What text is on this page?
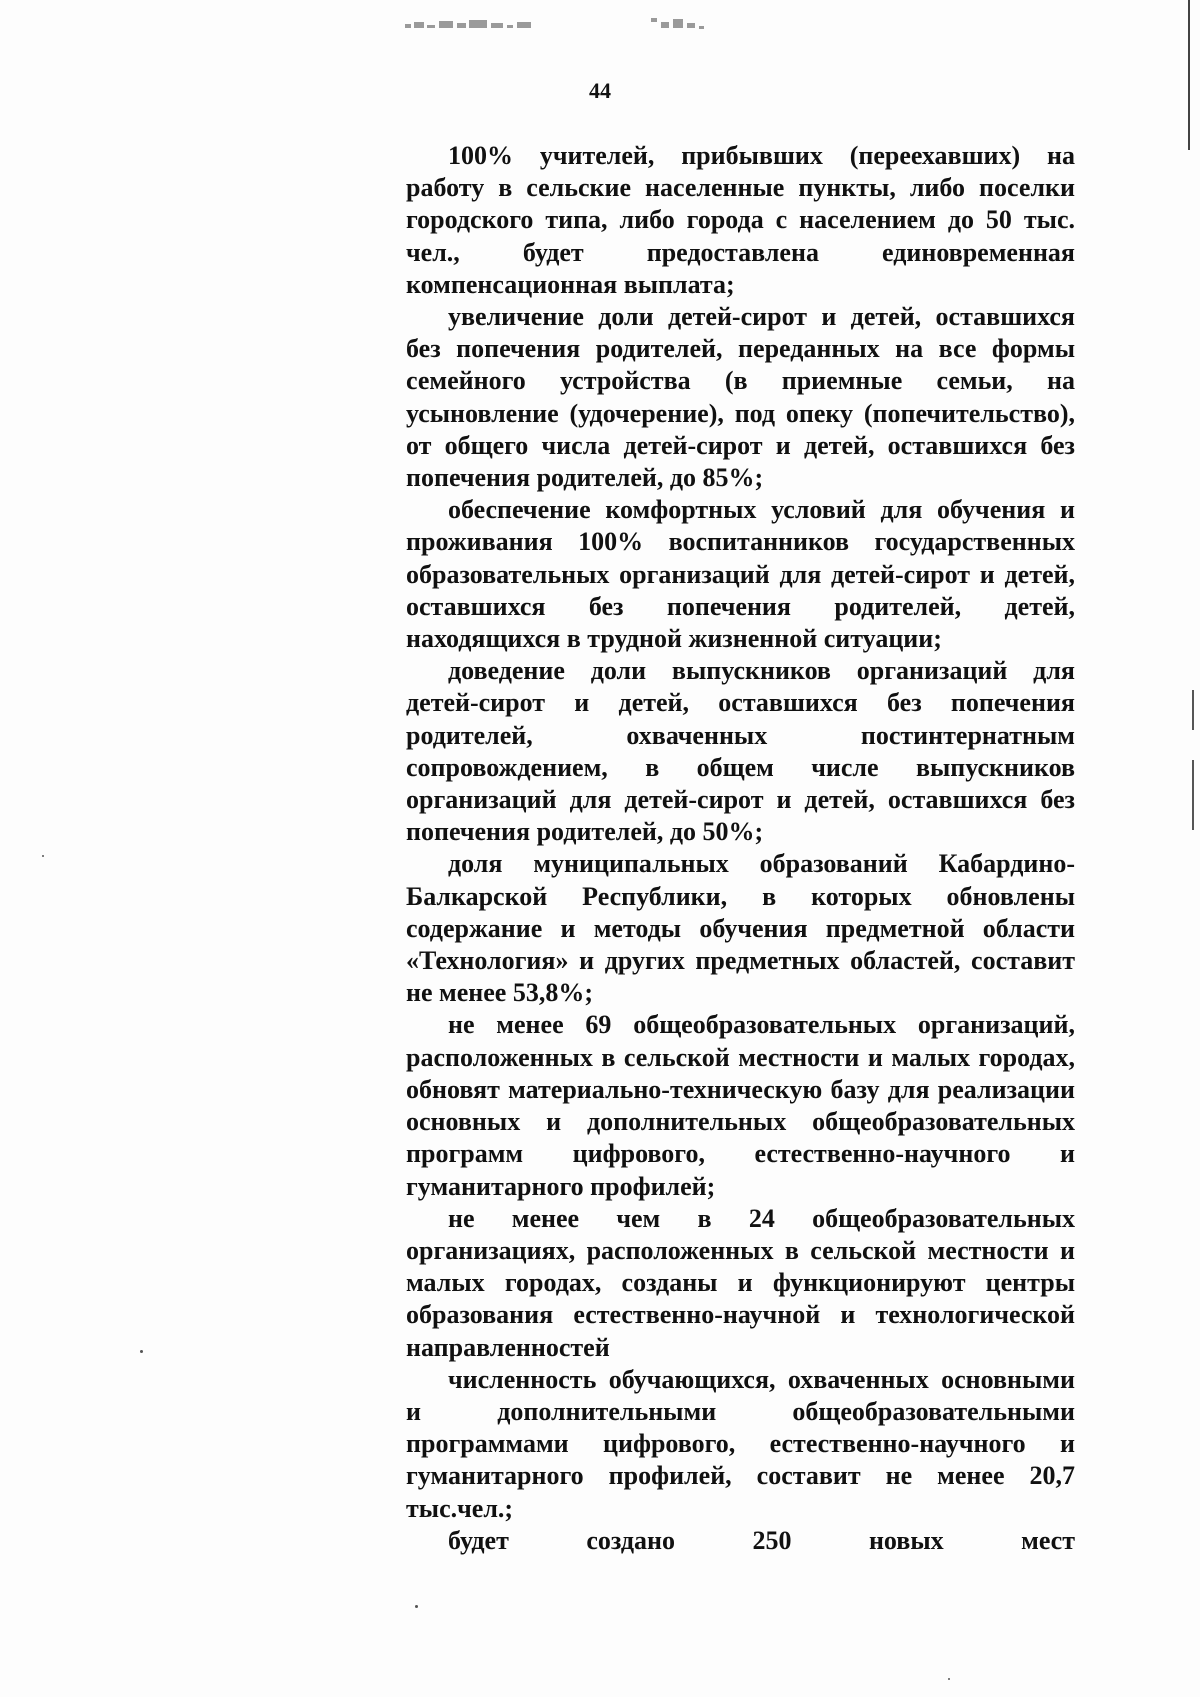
44

100% учителей, прибывших (переехавших) на работу в сельские населенные пункты, либо поселки городского типа, либо города с населением до 50 тыс. чел., будет предоставлена единовременная компенсационная выплата;

увеличение доли детей-сирот и детей, оставшихся без попечения родителей, переданных на все формы семейного устройства (в приемные семьи, на усыновление (удочерение), под опеку (попечительство), от общего числа детей-сирот и детей, оставшихся без попечения родителей, до 85%;

обеспечение комфортных условий для обучения и проживания 100% воспитанников государственных образовательных организаций для детей-сирот и детей, оставшихся без попечения родителей, детей, находящихся в трудной жизненной ситуации;

доведение доли выпускников организаций для детей-сирот и детей, оставшихся без попечения родителей, охваченных постинтернатным сопровождением, в общем числе выпускников организаций для детей-сирот и детей, оставшихся без попечения родителей, до 50%;

доля муниципальных образований Кабардино-Балкарской Республики, в которых обновлены содержание и методы обучения предметной области «Технология» и других предметных областей, составит не менее 53,8%;

не менее 69 общеобразовательных организаций, расположенных в сельской местности и малых городах, обновят материально-техническую базу для реализации основных и дополнительных общеобразовательных программ цифрового, естественно-научного и гуманитарного профилей;

не менее чем в 24 общеобразовательных организациях, расположенных в сельской местности и малых городах, созданы и функционируют центры образования естественно-научной и технологической направленностей

численность обучающихся, охваченных основными и дополнительными общеобразовательными программами цифрового, естественно-научного и гуманитарного профилей, составит не менее 20,7 тыс.чел.;

будет создано 250 новых мест
